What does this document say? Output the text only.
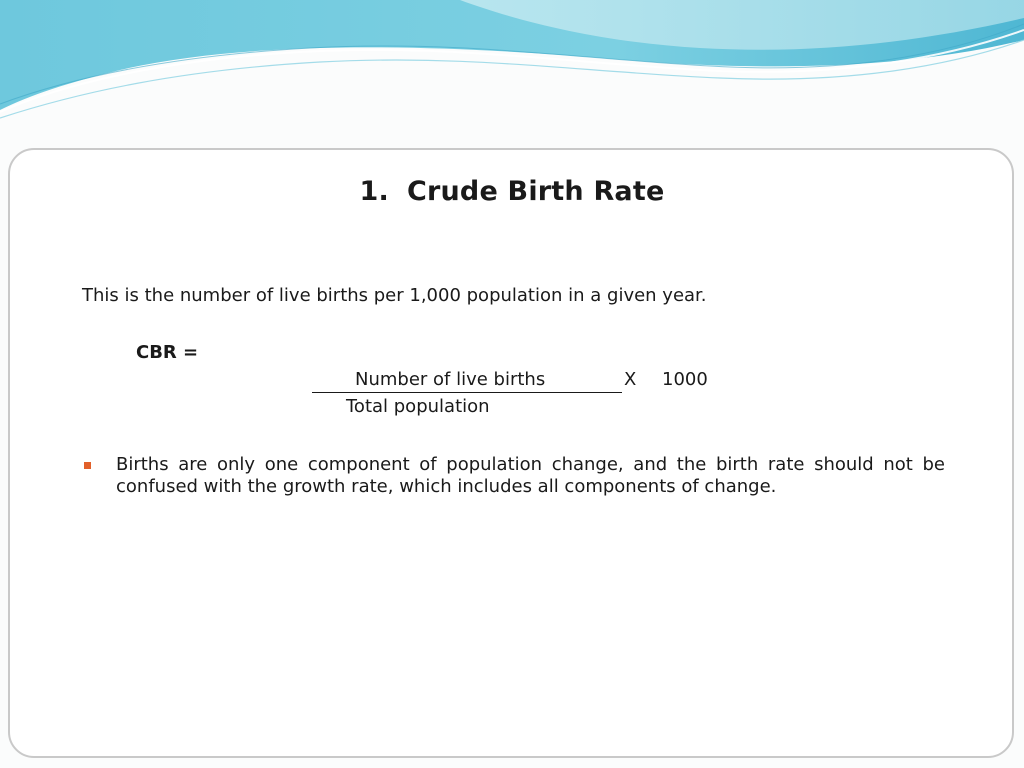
1. Crude Birth Rate
This is the number of live births per 1,000 population in a given year.
CBR =
Number of live births	X 1000
Total population
Births are only one component of population change, and the birth rate should not be confused with the growth rate, which includes all components of change.
